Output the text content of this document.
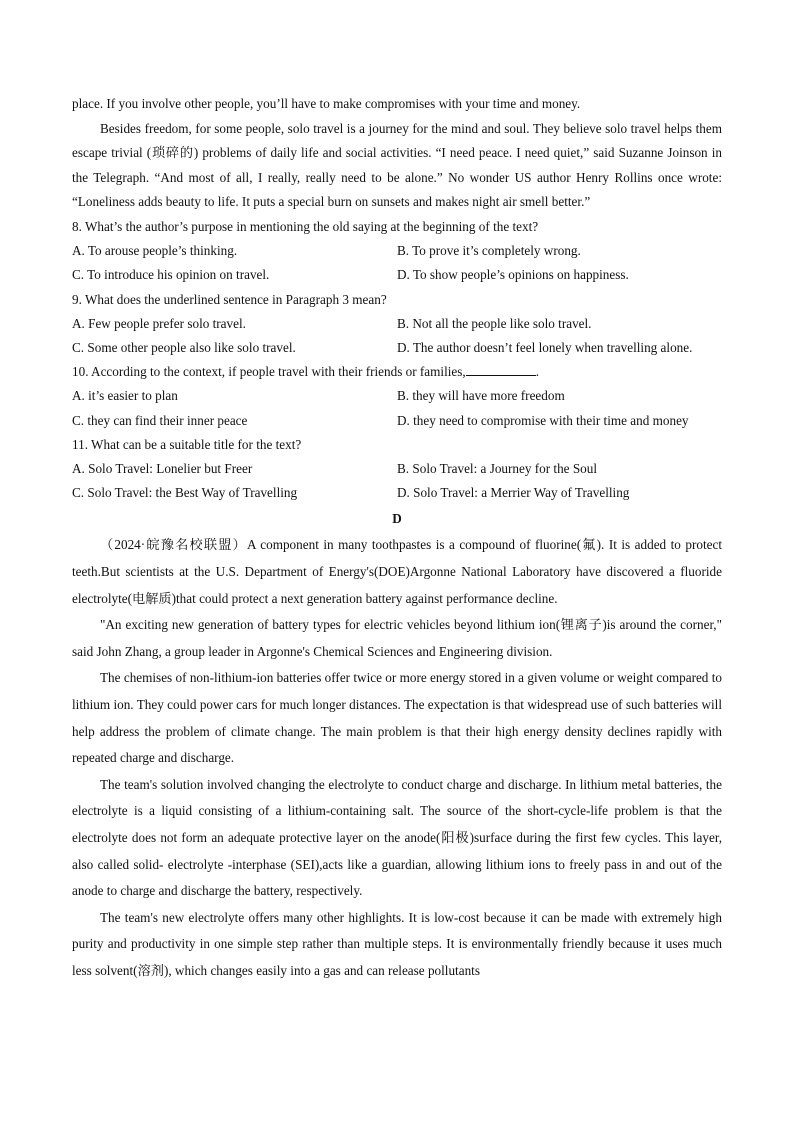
place. If you involve other people, you’ll have to make compromises with your time and money.

Besides freedom, for some people, solo travel is a journey for the mind and soul. They believe solo travel helps them escape trivial (琐碎的) problems of daily life and social activities. “I need peace. I need quiet,” said Suzanne Joinson in the Telegraph. “And most of all, I really, really need to be alone.” No wonder US author Henry Rollins once wrote: “Loneliness adds beauty to life. It puts a special burn on sunsets and makes night air smell better.”

8. What’s the author’s purpose in mentioning the old saying at the beginning of the text?

A. To arouse people’s thinking.	B. To prove it’s completely wrong.
C. To introduce his opinion on travel.	D. To show people’s opinions on happiness.

9. What does the underlined sentence in Paragraph 3 mean?

A. Few people prefer solo travel.	B. Not all the people like solo travel.
C. Some other people also like solo travel.	D. The author doesn’t feel lonely when travelling alone.

10. According to the context, if people travel with their friends or families,	.

A. it’s easier to plan	B. they will have more freedom
C. they can find their inner peace	D. they need to compromise with their time and money

11. What can be a suitable title for the text?

A. Solo Travel: Lonelier but Freer	B. Solo Travel: a Journey for the Soul
C. Solo Travel: the Best Way of Travelling	D. Solo Travel: a Merrier Way of Travelling
D

（2024·皖豫名校联盟）A component in many toothpastes is a compound of fluorine(氟). It is added to protect teeth.But scientists at the U.S. Department of Energy's(DOE)Argonne National Laboratory have discovered a fluoride electrolyte(电解质)that could protect a next generation battery against performance decline.

"An exciting new generation of battery types for electric vehicles beyond lithium ion(锂离子)is around the corner," said John Zhang, a group leader in Argonne's Chemical Sciences and Engineering division.

The chemises of non-lithium-ion batteries offer twice or more energy stored in a given volume or weight compared to lithium ion. They could power cars for much longer distances. The expectation is that widespread use of such batteries will help address the problem of climate change. The main problem is that their high energy density declines rapidly with repeated charge and discharge.

The team's solution involved changing the electrolyte to conduct charge and discharge. In lithium metal batteries, the electrolyte is a liquid consisting of a lithium-containing salt. The source of the short-cycle-life problem is that the electrolyte does not form an adequate protective layer on the anode(阳极)surface during the first few cycles. This layer, also called solid- electrolyte -interphase (SEI),acts like a guardian, allowing lithium ions to freely pass in and out of the anode to charge and discharge the battery, respectively.

The team's new electrolyte offers many other highlights. It is low-cost because it can be made with extremely high purity and productivity in one simple step rather than multiple steps. It is environmentally friendly because it uses much less solvent(溶剂), which changes easily into a gas and can release pollutants
